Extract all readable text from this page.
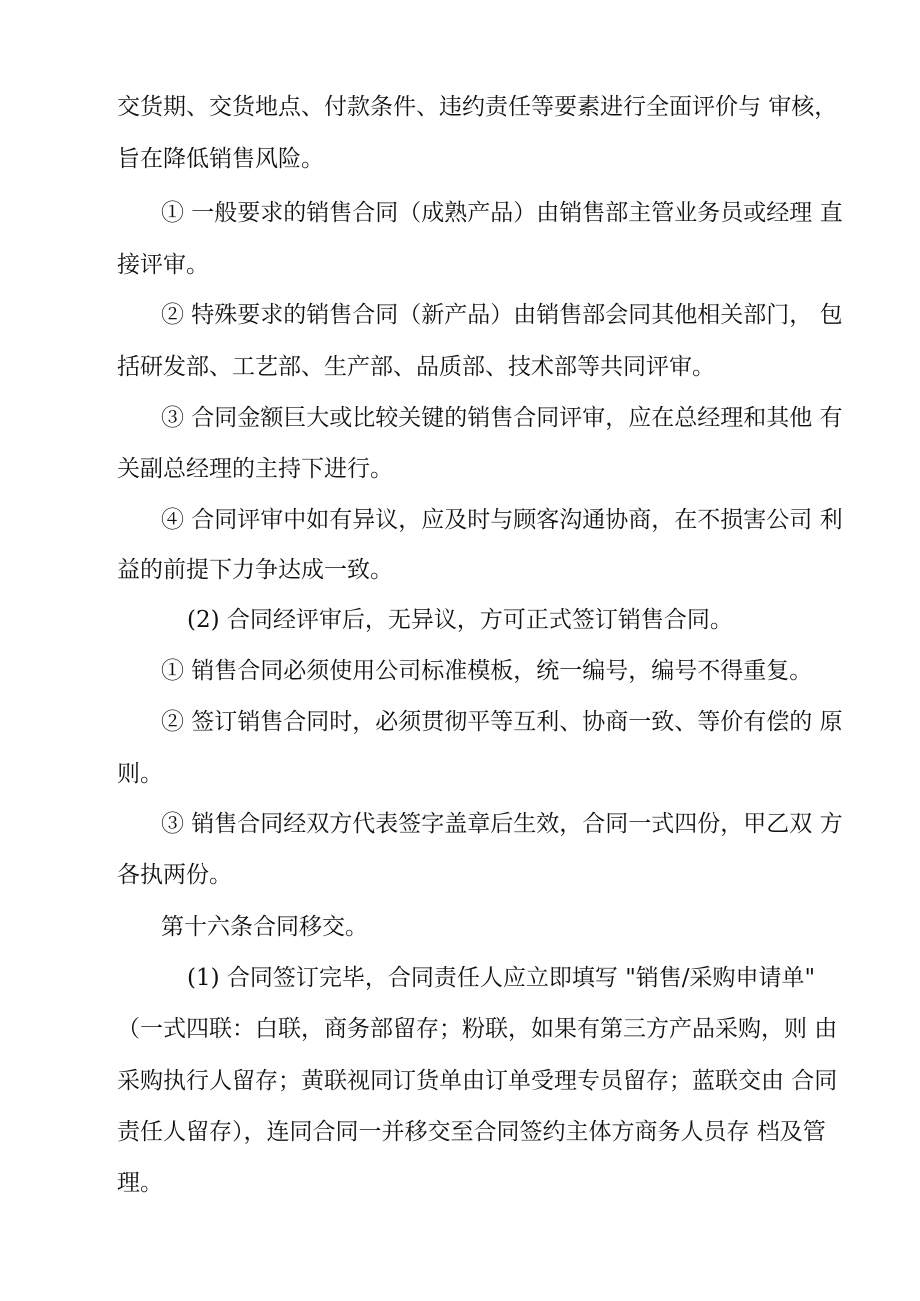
交货期、交货地点、付款条件、违约责任等要素进行全面评价与 审核，
旨在降低销售风险。
① 一般要求的销售合同（成熟产品）由销售部主管业务员或经理 直
接评审。
② 特殊要求的销售合同（新产品）由销售部会同其他相关部门， 包
括研发部、工艺部、生产部、品质部、技术部等共同评审。
③ 合同金额巨大或比较关键的销售合同评审，应在总经理和其他 有
关副总经理的主持下进行。
④ 合同评审中如有异议，应及时与顾客沟通协商，在不损害公司 利
益的前提下力争达成一致。
(2) 合同经评审后，无异议，方可正式签订销售合同。
① 销售合同必须使用公司标准模板，统一编号，编号不得重复。
② 签订销售合同时，必须贯彻平等互利、协商一致、等价有偿的 原
则。
③ 销售合同经双方代表签字盖章后生效，合同一式四份，甲乙双 方
各执两份。
第十六条合同移交。
(1) 合同签订完毕，合同责任人应立即填写 "销售/采购申请单"
（一式四联：白联，商务部留存；粉联，如果有第三方产品采购，则 由
采购执行人留存；黄联视同订货单由订单受理专员留存；蓝联交由 合同
责任人留存），连同合同一并移交至合同签约主体方商务人员存 档及管
理。
